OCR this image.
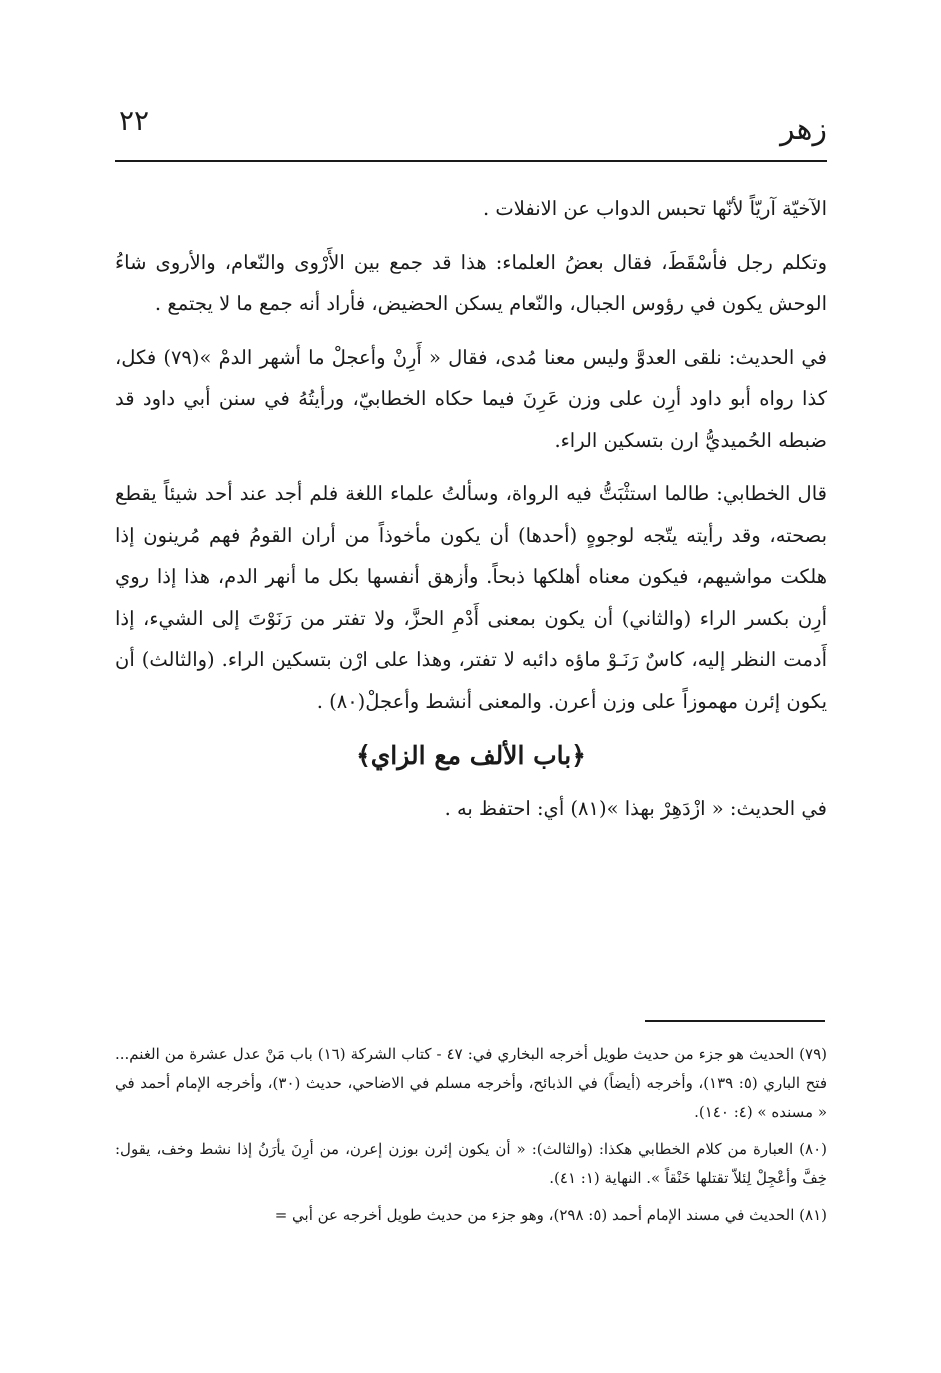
زهر
٢٢

الآخيّة آريّاً لأنّها تحبس الدواب عن الانفلات .

وتكلم رجل فأسْقَطَ، فقال بعضُ العلماء: هذا قد جمع بين الأَرْوى والنّعام، والأروى شاءُ الوحش يكون في رؤوس الجبال، والنّعام يسكن الحضيض، فأراد أنه جمع ما لا يجتمع .

في الحديث: نلقى العدوَّ وليس معنا مُدى، فقال « أَرِنْ وأعجلْ ما أشهر الدمْ »(٧٩) فكل، كذا رواه أبو داود أرِن على وزن عَرِنَ فيما حكاه الخطابيّ، ورأيتُهُ في سنن أبي داود قد ضبطه الحُميديُّ ارن بتسكين الراء.

قال الخطابي: طالما استثْبَتُّ فيه الرواة، وسألتُ علماء اللغة فلم أجد عند أحد شيئاً يقطع بصحته، وقد رأيته يتّجه لوجوهٍ (أحدها) أن يكون مأخوذاً من أران القومُ فهم مُرينون إذا هلكت مواشيهم، فيكون معناه أهلكها ذبحاً. وأزهق أنفسها بكل ما أنهر الدم، هذا إذا روي أرِن بكسر الراء (والثاني) أن يكون بمعنى أَدْمِ الحزَّ، ولا تفتر من رَنَوْتَ إلى الشيء، إذا أَدمت النظر إليه، كاسٌ رَنَـوْ ماؤه دائبه لا تفتر، وهذا على ارْن بتسكين الراء. (والثالث) أن يكون إئرن مهموزاً على وزن أعرن. والمعنى أنشط وأعجلْ(٨٠) .

﴿باب الألف مع الزاي﴾

في الحديث: « ازْدَهِرْ بهذا »(٨١) أي: احتفظ به .

(٧٩) الحديث هو جزء من حديث طويل أخرجه البخاري في: ٤٧ - كتاب الشركة (١٦) باب مَنْ عدل عشرة من الغنم... فتح الباري (٥: ١٣٩)، وأخرجه (أيضاً) في الذبائح، وأخرجه مسلم في الاضاحي، حديث (٣٠)، وأخرجه الإمام أحمد في « مسنده » (٤: ١٤٠).

(٨٠) العبارة من كلام الخطابي هكذا: (والثالث): « أن يكون إئرن بوزن إعرن، من أرِنَ يأرَنُ إذا نشط وخف، يقول: خِفَّ وأعْجِلْ لِئلاّ تقتلها خَنْقاً ». النهاية (١: ٤١).

(٨١) الحديث في مسند الإمام أحمد (٥: ٢٩٨)، وهو جزء من حديث طويل أخرجه عن أبي =
